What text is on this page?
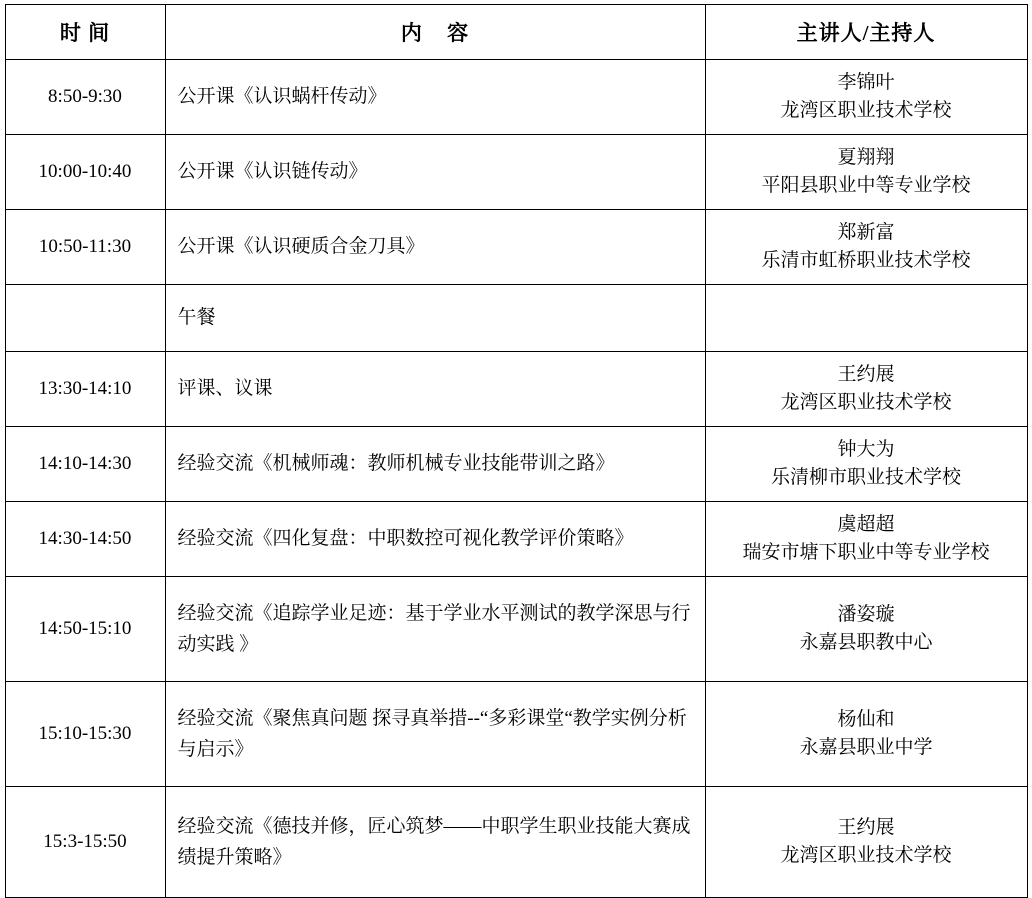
时 间	内 容	主讲人/主持人
8:50-9:30	公开课《认识蜗杆传动》	李锦叶
龙湾区职业技术学校

10:00-10:40	公开课《认识链传动》	夏翔翔
平阳县职业中等专业学校

10:50-11:30	公开课《认识硬质合金刀具》	郑新富
乐清市虹桥职业技术学校

	午餐	

13:30-14:10	评课、议课	王约展
龙湾区职业技术学校

14:10-14:30	经验交流《机械师魂：教师机械专业技能带训之路》	钟大为
乐清柳市职业技术学校

14:30-14:50	经验交流《四化复盘：中职数控可视化教学评价策略》	虞超超
瑞安市塘下职业中等专业学校

14:50-15:10	经验交流《追踪学业足迹：基于学业水平测试的教学深思与行动实践 》	潘姿璇
永嘉县职教中心

15:10-15:30	经验交流《聚焦真问题 探寻真举措--“多彩课堂“教学实例分析与启示》	杨仙和
永嘉县职业中学

15:3-15:50	经验交流《德技并修，匠心筑梦——中职学生职业技能大赛成绩提升策略》	王约展
龙湾区职业技术学校
